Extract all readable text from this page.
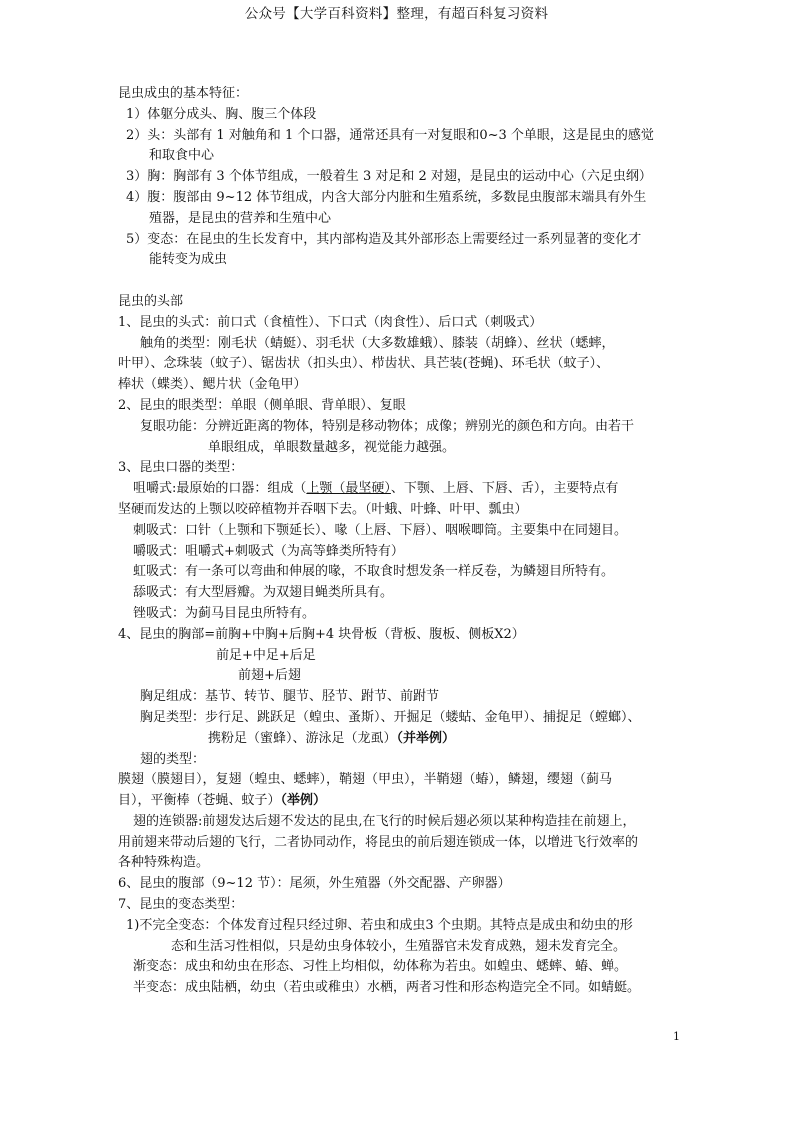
公众号【大学百科资料】整理，有超百科复习资料
昆虫成虫的基本特征：
1）体躯分成头、胸、腹三个体段
2）头：头部有 1 对触角和 1 个口器，通常还具有一对复眼和0~3 个单眼，这是昆虫的感觉
和取食中心
3）胸：胸部有 3 个体节组成，一般着生 3 对足和 2 对翅，是昆虫的运动中心（六足虫纲）
4）腹：腹部由 9~12 体节组成，内含大部分内脏和生殖系统，多数昆虫腹部末端具有外生
殖器，是昆虫的营养和生殖中心
5）变态：在昆虫的生长发育中，其内部构造及其外部形态上需要经过一系列显著的变化才
能转变为成虫
昆虫的头部
1、昆虫的头式：前口式（食植性）、下口式（肉食性）、后口式（刺吸式）
触角的类型：刚毛状（蜻蜓）、羽毛状（大多数雄蛾）、膝装（胡蜂）、丝状（蟋蟀，
叶甲）、念珠装（蚊子）、锯齿状（扣头虫）、栉齿状、具芒装(苍蝇)、环毛状（蚊子）、
棒状（蝶类）、鳃片状（金龟甲）
2、昆虫的眼类型：单眼（侧单眼、背单眼）、复眼
复眼功能：分辨近距离的物体，特别是移动物体；成像；辨别光的颜色和方向。由若干
单眼组成，单眼数量越多，视觉能力越强。
3、昆虫口器的类型：
咀嚼式:最原始的口器：组成（上颚（最坚硬）、下颚、上唇、下唇、舌），主要特点有
坚硬而发达的上颚以咬碎植物并吞咽下去。（叶蛾、叶蜂、叶甲、瓢虫）
刺吸式：口针（上颚和下颚延长）、喙（上唇、下唇）、咽喉唧筒。主要集中在同翅目。
嚼吸式：咀嚼式+刺吸式（为高等蜂类所特有）
虹吸式：有一条可以弯曲和伸展的喙，不取食时想发条一样反卷，为鳞翅目所特有。
舔吸式：有大型唇瓣。为双翅目蝇类所具有。
锉吸式：为蓟马目昆虫所特有。
4、昆虫的胸部=前胸+中胸+后胸+4 块骨板（背板、腹板、侧板X2）
前足+中足+后足
前翅+后翅
胸足组成：基节、转节、腿节、胫节、跗节、前跗节
胸足类型：步行足、跳跃足（蝗虫、蚤斯）、开掘足（蝼蛄、金龟甲）、捕捉足（螳螂）、
携粉足（蜜蜂）、游泳足（龙虱）（并举例）
翅的类型：
膜翅（膜翅目），复翅（蝗虫、蟋蟀），鞘翅（甲虫），半鞘翅（蝽），鳞翅，缨翅（蓟马
目），平衡棒（苍蝇、蚊子）（举例）
翅的连锁器:前翅发达后翅不发达的昆虫,在飞行的时候后翅必须以某种构造挂在前翅上，
用前翅来带动后翅的飞行，二者协同动作，将昆虫的前后翅连锁成一体，以增进飞行效率的
各种特殊构造。
6、昆虫的腹部（9~12 节）：尾须，外生殖器（外交配器、产卵器）
7、昆虫的变态类型：
1)不完全变态：个体发育过程只经过卵、若虫和成虫3 个虫期。其特点是成虫和幼虫的形
态和生活习性相似，只是幼虫身体较小，生殖器官未发育成熟，翅未发育完全。
渐变态：成虫和幼虫在形态、习性上均相似，幼体称为若虫。如蝗虫、蟋蟀、蝽、蝉。
半变态：成虫陆栖，幼虫（若虫或稚虫）水栖，两者习性和形态构造完全不同。如蜻蜓。
1
